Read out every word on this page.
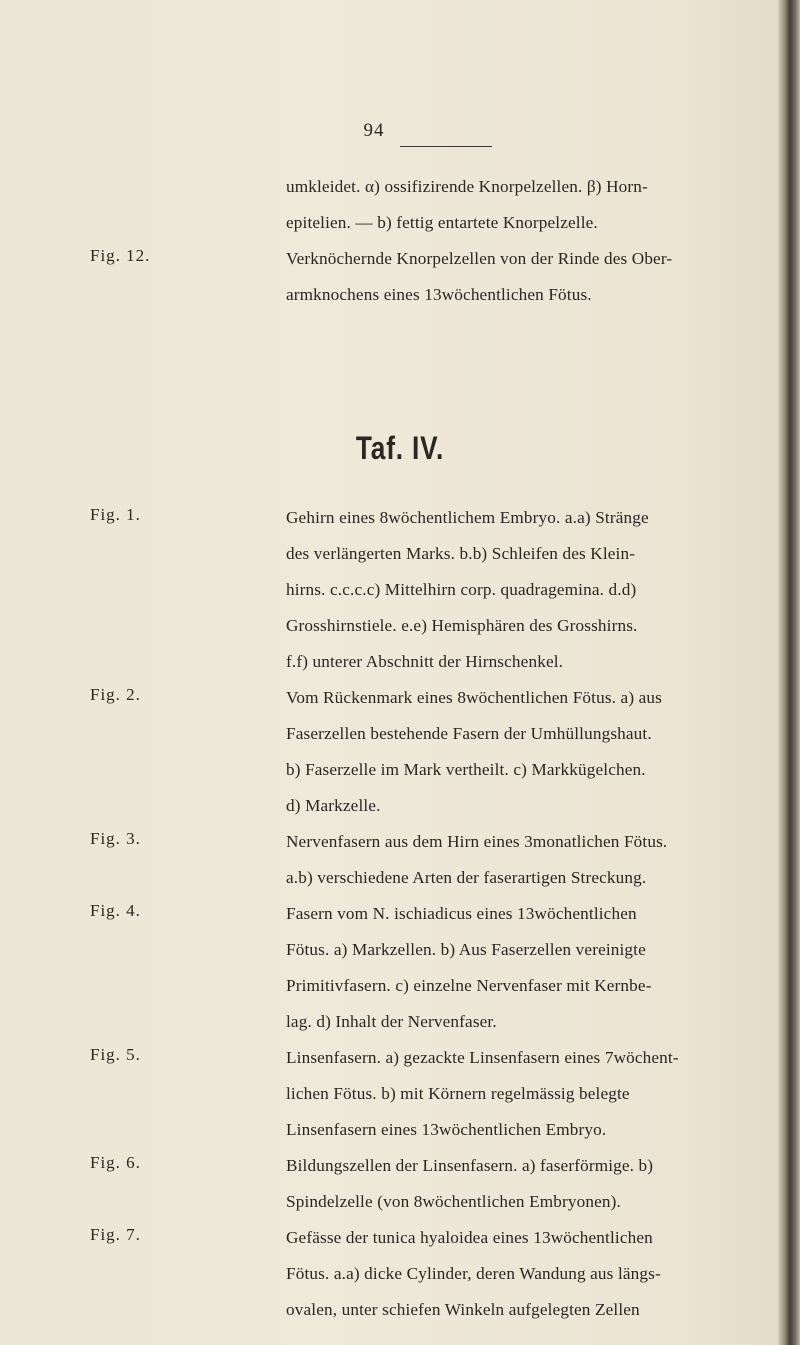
94
umkleidet. α) ossifizirende Knorpelzellen. β) Horn-
epitelien. — b) fettig entartete Knorpelzelle.
Fig. 12.	Verknöchernde Knorpelzellen von der Rinde des Ober-
armknochens eines 13wöchentlichen Fötus.
Taf. IV.
Fig. 1.	Gehirn eines 8wöchentlichem Embryo. a.a) Stränge
des verlängerten Marks. b.b) Schleifen des Klein-
hirns. c.c.c.c) Mittelhirn corp. quadragemina. d.d)
Grosshirnstiele. e.e) Hemisphären des Grosshirns.
f.f) unterer Abschnitt der Hirnschenkel.
Fig. 2.	Vom Rückenmark eines 8wöchentlichen Fötus. a) aus
Faserzellen bestehende Fasern der Umhüllungshaut.
b) Faserzelle im Mark vertheilt. c) Markkügelchen.
d) Markzelle.
Fig. 3.	Nervenfasern aus dem Hirn eines 3monatlichen Fötus.
a.b) verschiedene Arten der faserartigen Streckung.
Fig. 4.	Fasern vom N. ischiadicus eines 13wöchentlichen
Fötus. a) Markzellen. b) Aus Faserzellen vereinigte
Primitivfasern. c) einzelne Nervenfaser mit Kernbe-
lag. d) Inhalt der Nervenfaser.
Fig. 5.	Linsenfasern. a) gezackte Linsenfasern eines 7wöchent-
lichen Fötus. b) mit Körnern regelmässig belegte
Linsenfasern eines 13wöchentlichen Embryo.
Fig. 6.	Bildungszellen der Linsenfasern. a) faserförmige. b)
Spindelzelle (von 8wöchentlichen Embryonen).
Fig. 7.	Gefässe der tunica hyaloidea eines 13wöchentlichen
Fötus. a.a) dicke Cylinder, deren Wandung aus längs-
ovalen, unter schiefen Winkeln aufgelegten Zellen
